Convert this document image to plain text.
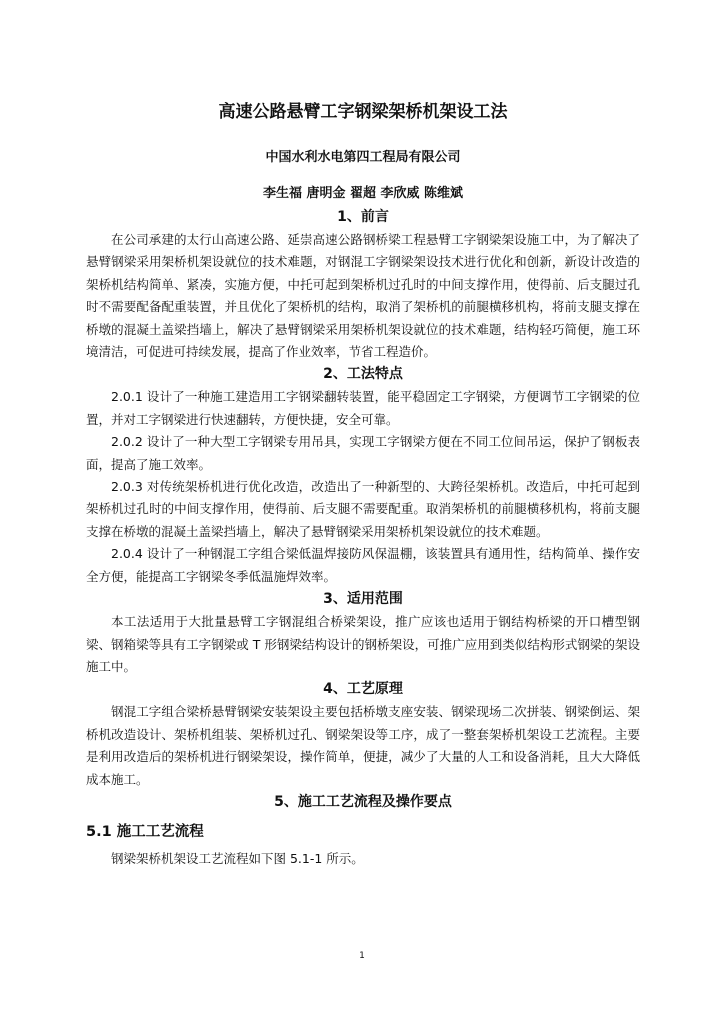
高速公路悬臂工字钢梁架桥机架设工法
中国水利水电第四工程局有限公司
李生福 唐明金 翟超 李欣威 陈维斌
1、前言

在公司承建的太行山高速公路、延崇高速公路钢桥梁工程悬臂工字钢梁架设施工中，为了解决了悬臂钢梁采用架桥机架设就位的技术难题，对钢混工字钢梁架设技术进行优化和创新，新设计改造的架桥机结构简单、紧凑，实施方便，中托可起到架桥机过孔时的中间支撑作用，使得前、后支腿过孔时不需要配备配重装置，并且优化了架桥机的结构，取消了架桥机的前腿横移机构，将前支腿支撑在桥墩的混凝土盖梁挡墙上，解决了悬臂钢梁采用架桥机架设就位的技术难题，结构轻巧简便，施工环境清洁，可促进可持续发展，提高了作业效率，节省工程造价。

2、工法特点

2.0.1 设计了一种施工建造用工字钢梁翻转装置，能平稳固定工字钢梁，方便调节工字钢梁的位置，并对工字钢梁进行快速翻转，方便快捷，安全可靠。

2.0.2 设计了一种大型工字钢梁专用吊具，实现工字钢梁方便在不同工位间吊运，保护了钢板表面，提高了施工效率。

2.0.3 对传统架桥机进行优化改造，改造出了一种新型的、大跨径架桥机。改造后，中托可起到架桥机过孔时的中间支撑作用，使得前、后支腿不需要配重。取消架桥机的前腿横移机构，将前支腿支撑在桥墩的混凝土盖梁挡墙上，解决了悬臂钢梁采用架桥机架设就位的技术难题。

2.0.4 设计了一种钢混工字组合梁低温焊接防风保温棚，该装置具有通用性，结构简单、操作安全方便，能提高工字钢梁冬季低温施焊效率。

3、适用范围

本工法适用于大批量悬臂工字钢混组合桥梁架设，推广应该也适用于钢结构桥梁的开口槽型钢梁、钢箱梁等具有工字钢梁或 T 形钢梁结构设计的钢桥架设，可推广应用到类似结构形式钢梁的架设施工中。

4、工艺原理

钢混工字组合梁桥悬臂钢梁安装架设主要包括桥墩支座安装、钢梁现场二次拼装、钢梁倒运、架桥机改造设计、架桥机组装、架桥机过孔、钢梁架设等工序，成了一整套架桥机架设工艺流程。主要是利用改造后的架桥机进行钢梁架设，操作简单，便捷，减少了大量的人工和设备消耗，且大大降低成本施工。

5、施工工艺流程及操作要点
5.1 施工工艺流程

钢梁架桥机架设工艺流程如下图 5.1-1 所示。

1
